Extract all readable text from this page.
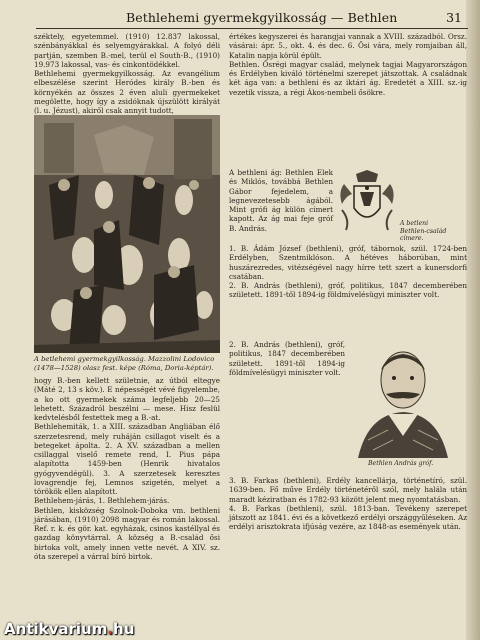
Bethlehemi gyermekgyilkosság — Bethlen	31

széktely, egyetemmel. (1910) 12.837 lakossal, szénbányákkal és selyemgyárakkal. A folyó déli partján, szemben B.-mel, terül el South-B., (1910) 19.973 lakossal, vas- és cinkontödékkel.

Bethlehemi gyermekgyilkosság. Az evangélium elbeszélése szerint Heródes király B.-ben és környékén az összes 2 éven aluli gyermekeket megölette, hogy így a zsidóknak újszülött királyát (l. u. Jézust), akiről csak annyit tudott,

A betlehemi gyermekgyilkosság. Mazzolini Lodovico (1478—1528) olasz fest. képe (Róma, Doria-képtár).

hogy B.-ben kellett születnie, az útból eltegye (Máté 2, 13 s köv.). E népességét vévé figyelembe, a ko ott gyermekek száma legfeljebb 20—25 lehetett. Századról beszélni — mese. Hisz feslül kedvtelésből festettek meg a B.-at.

Bethlehemiták, 1. a XIII. században Angliában élő szerzetesrend, mely ruháján csillagot viselt és a betegeket ápolta. 2. A XV. században a mellen csillaggal viselő remete rend, I. Pius pápa alapította 1459-ben (Henrik hivatalos gyógyvendégül). 3. A szerzetesek keresztes lovagrendje fej, Lemnos szigetén, melyet a törökök ellen alapított.

Bethlehem-járás, 1. Bethlehem-járás.

Bethlen, kisközség Szolnok-Doboka vm. bethleni járásában, (1910) 2098 magyar és román lakossal. Ref. r. k. és gör. kat. egyházak, csinos kastéllyal és gazdag könyvtárral. A község a B.-család ősi birtoka volt, amely innen vette nevét. A XIV. sz. óta szerepel a várral bíró birtok.

értékes kegyszerei és harangjai vannak a XVIII. századból. Orsz. vásárai: ápr. 5., okt. 4. és dec. 6. Ősi vára, mely romjaiban áll, Katalin napja körül épült.

Bethlen. Ősrégi magyar család, melynek tagjai Magyarországon és Erdélyben kiváló történelmi szerepet játszottak. A családnak két ága van: a bethleni és az iktári ág. Eredetét a XIII. sz.-ig vezetik vissza, a régi Ákos-nembeli ősökre.

A bethleni ág: Bethlen Elek és Miklós, továbbá Bethlen Gábor fejedelem, a legnevezetesebb ágából. Mint grófi ág külön címert kapott. Az ág mai feje gróf B. András.	A betleni Bethlen-család címere.

1. B. Ádám József (bethleni), gróf, tábornok, szül. 1724-ben Erdélyben, Szentmiklóson. A hétéves háborúban, mint huszárezredes, vitézségével nagy hírre tett szert a kunersdorfi csatában.

2. B. András (bethleni), gróf, politikus, 1847 decemberében született. 1891-től 1894-ig földmívelésügyi miniszter volt.

2. B. András (bethleni), gróf, politikus, 1847 decemberében született. 1891-től 1894-ig földmívelésügyi miniszter volt.

Bethlen András gróf.

3. B. Farkas (bethleni), Erdély kancellárja, történetíró, szül. 1639-ben. Fő műve Erdély történetéről szól, mely halála után maradt kéziratban és 1782-93 között jelent meg nyomtatásban.

4. B. Farkas (bethleni), szül. 1813-ban. Tevékeny szerepet játszott az 1841. évi és a következő erdélyi országgyűléseken. Az erdélyi arisztokrata ifjúság vezére, az 1848-as események után.

Antikvarium.hu
